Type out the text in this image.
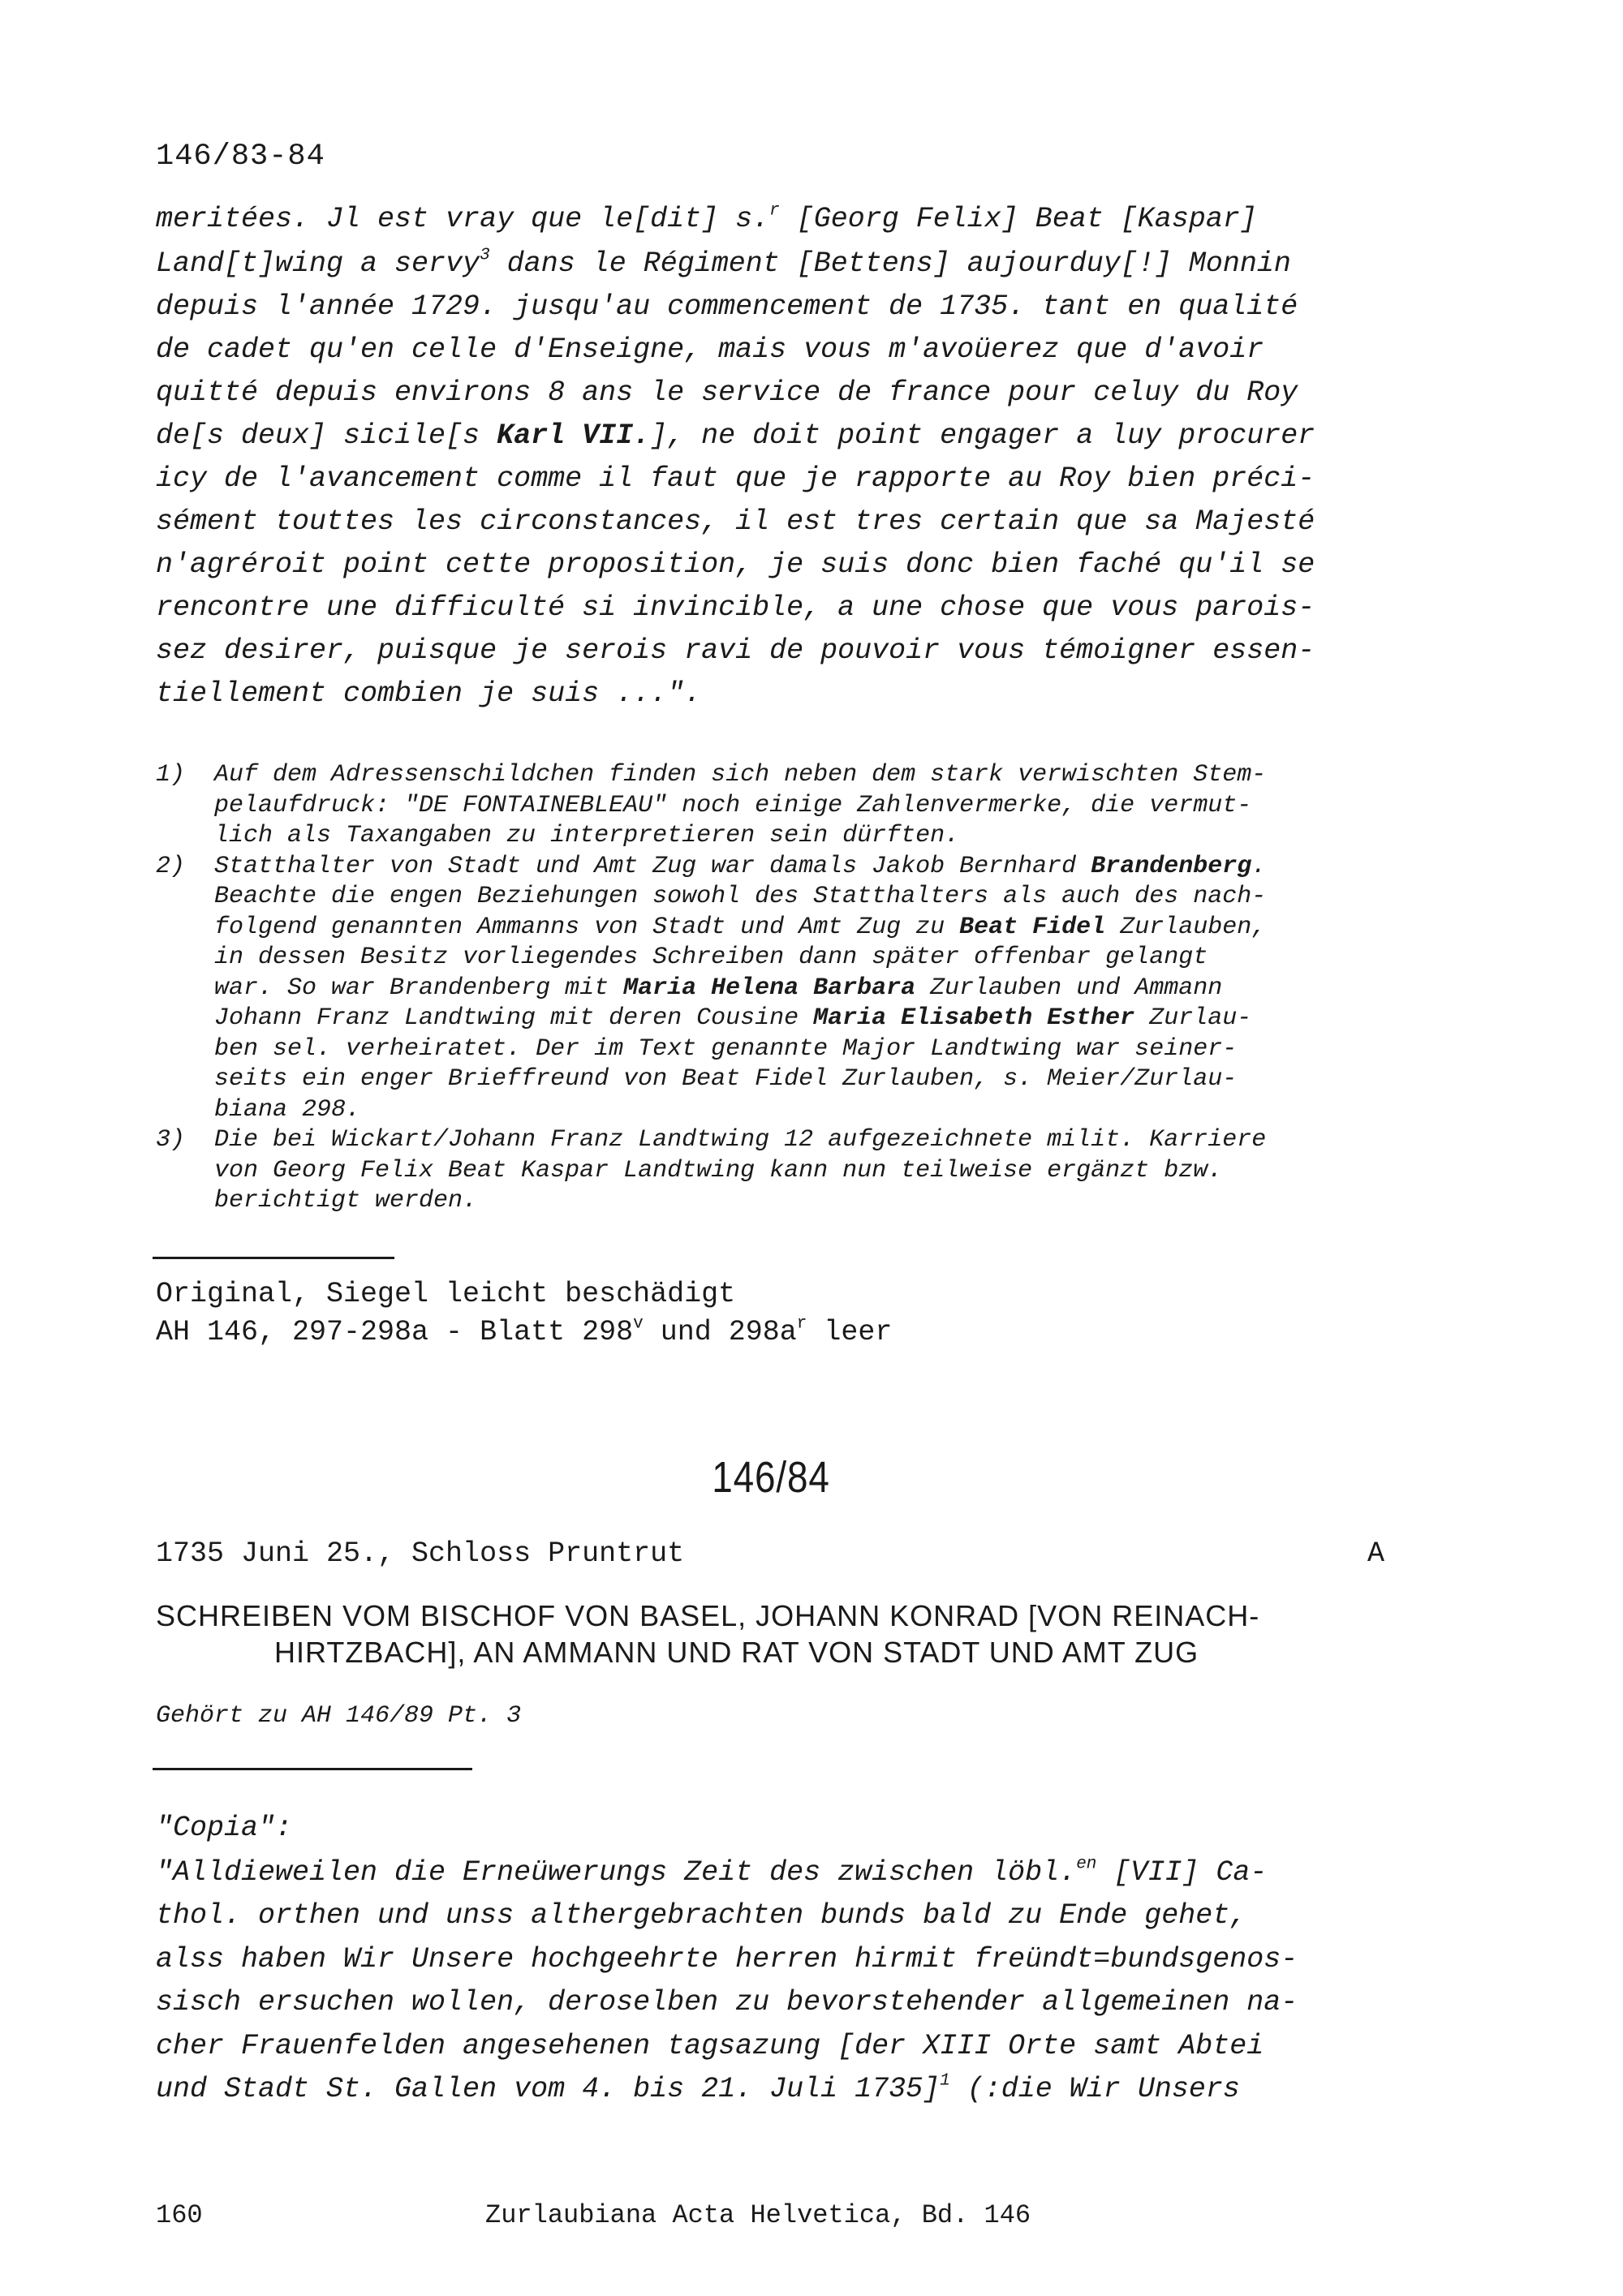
146/83-84
meritées. Jl est vray que le[dit] s.$^r$ [Georg Felix] Beat [Kaspar]
Land[t]wing a servy$^3$ dans le Régiment [Bettens] aujourduy[!] Monnin
depuis l'année 1729. jusqu'au commencement de 1735. tant en qualité
de cadet qu'en celle d'Enseigne, mais vous m'avoüerez que d'avoir
quitté depuis environs 8 ans le service de france pour celuy du Roy
de[s deux] sicile[s Karl VII.], ne doit point engager a luy procurer
icy de l'avancement comme il faut que je rapporte au Roy bien préci-
sément touttes les circonstances, il est tres certain que sa Majesté
n'agréroit point cette proposition, je suis donc bien faché qu'il se
rencontre une difficulté si invincible, a une chose que vous parois-
sez desirer, puisque je serois ravi de pouvoir vous témoigner essen-
tiellement combien je suis ...".
1) Auf dem Adressenschildchen finden sich neben dem stark verwischten Stem-
pelaufdruck: "DE FONTAINEBLEAU" noch einige Zahlenvermerke, die vermut-
lich als Taxangaben zu interpretieren sein dürften.
2) Statthalter von Stadt und Amt Zug war damals Jakob Bernhard Brandenberg.
Beachte die engen Beziehungen sowohl des Statthalters als auch des nach-
folgend genannten Ammanns von Stadt und Amt Zug zu Beat Fidel Zurlauben,
in dessen Besitz vorliegendes Schreiben dann später offenbar gelangt
war. So war Brandenberg mit Maria Helena Barbara Zurlauben und Ammann
Johann Franz Landtwing mit deren Cousine Maria Elisabeth Esther Zurlau-
ben sel. verheiratet. Der im Text genannte Major Landtwing war seiner-
seits ein enger Brieffreund von Beat Fidel Zurlauben, s. Meier/Zurlau-
biana 298.
3) Die bei Wickart/Johann Franz Landtwing 12 aufgezeichnete milit. Karriere
von Georg Felix Beat Kaspar Landtwing kann nun teilweise ergänzt bzw.
berichtigt werden.
Original, Siegel leicht beschädigt
AH 146, 297-298a - Blatt 298$^v$ und $298a^r$ leer
146/84
1735 Juni 25., Schloss Pruntrut	A
SCHREIBEN VOM BISCHOF VON BASEL, JOHANN KONRAD [VON REINACH-
HIRTZBACH], AN AMMANN UND RAT VON STADT UND AMT ZUG
Gehört zu AH 146/89 Pt. 3
"Copia":
"Alldieweilen die Erneüwerungs Zeit des zwischen löbl.$^{en}$ [VII] Ca-
thol. orthen und unss althergebrachten bunds bald zu Ende gehet,
alss haben Wir Unsere hochgeehrte herren hirmit freündt=bundsgenos-
sisch ersuchen wollen, deroselben zu bevorstehender allgemeinen na-
cher Frauenfelden angesehenen tagsazung [der XIII Orte samt Abtei
und Stadt St. Gallen vom 4. bis 21. Juli 1735]$^1$ (:die Wir Unsers
160	Zurlaubiana Acta Helvetica, Bd. 146
